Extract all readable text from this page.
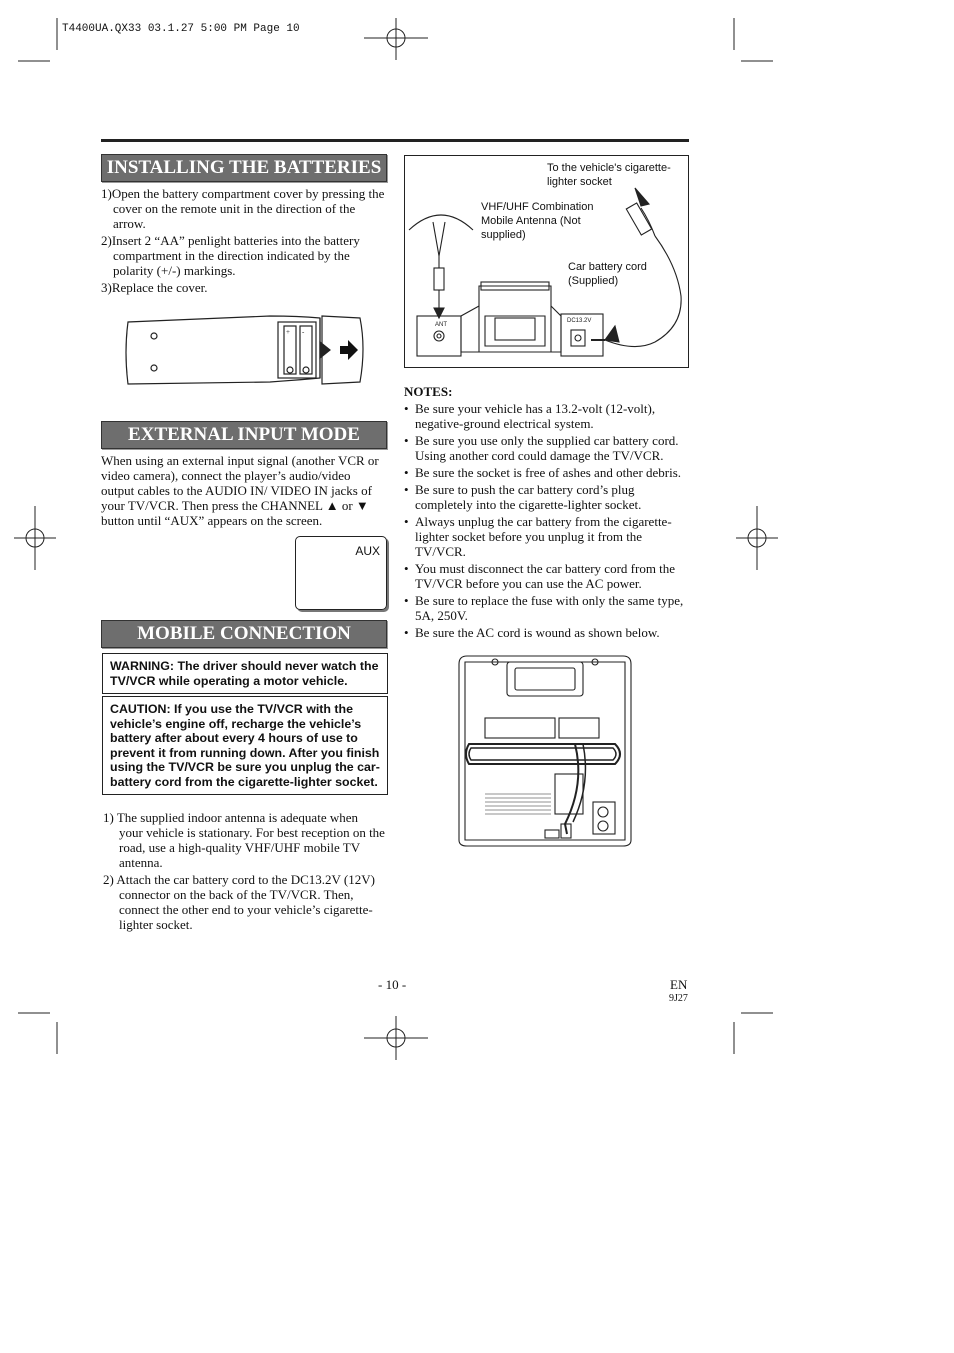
T4400UA.QX33 03.1.27 5:00 PM Page 10
INSTALLING THE BATTERIES

1)Open the battery compartment cover by pressing the cover on the remote unit in the direction of the arrow.

2)Insert 2 “AA” penlight batteries into the battery compartment in the direction indicated by the polarity (+/-) markings.

3)Replace the cover.

+ -
EXTERNAL INPUT MODE
When using an external input signal (another VCR or video camera), connect the player’s audio/video output cables to the AUDIO IN/ VIDEO IN jacks of your TV/VCR. Then press the CHANNEL ▲ or ▼ button until “AUX” appears on the screen.
AUX
MOBILE CONNECTION
WARNING: The driver should never watch the TV/VCR while operating a motor vehicle.
CAUTION: If you use the TV/VCR with the vehicle’s engine off, recharge the vehicle’s battery after about every 4 hours of use to prevent it from running down. After you finish using the TV/VCR be sure you unplug the car-battery cord from the cigarette-lighter socket.

1) The supplied indoor antenna is adequate when your vehicle is stationary. For best reception on the road, use a high-quality VHF/UHF mobile TV antenna.

2) Attach the car battery cord to the DC13.2V (12V) connector on the back of the TV/VCR. Then, connect the other end to your vehicle’s cigarette-lighter socket.

To the vehicle's cigarette-lighter socket
VHF/UHF Combination Mobile Antenna (Not supplied)
Car battery cord (Supplied)
ANT
DC13.2V
NOTES:
• Be sure your vehicle has a 13.2-volt (12-volt), negative-ground electrical system.
• Be sure you use only the supplied car battery cord. Using another cord could damage the TV/VCR.
• Be sure the socket is free of ashes and other debris.
• Be sure to push the car battery cord’s plug completely into the cigarette-lighter socket.
• Always unplug the car battery from the cigarette-lighter socket before you unplug it from the TV/VCR.
• You must disconnect the car battery cord from the TV/VCR before you can use the AC power.
• Be sure to replace the fuse with only the same type, 5A, 250V.
• Be sure the AC cord is wound as shown below.
- 10 -	EN
9J27
